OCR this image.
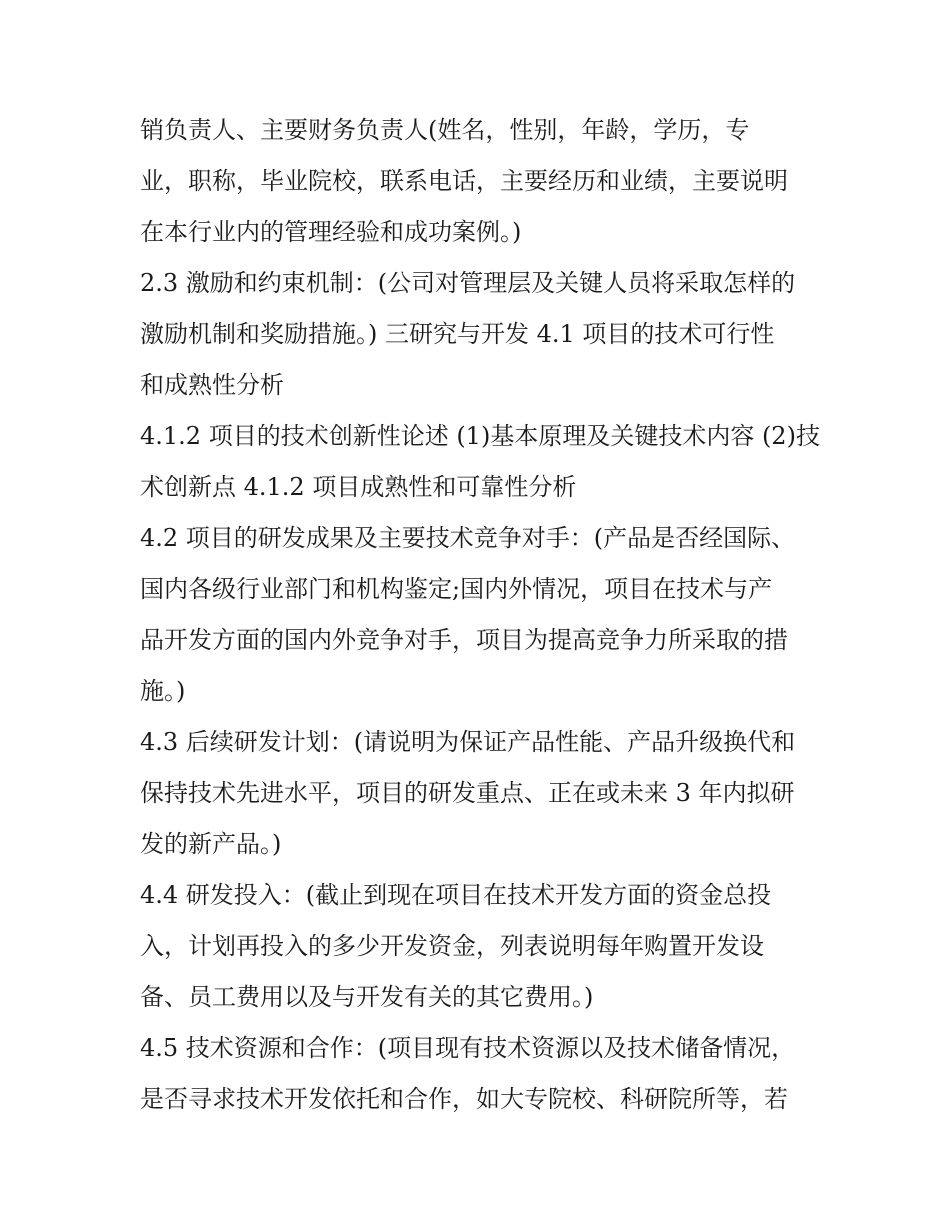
销负责人、主要财务负责人(姓名，性别，年龄，学历，专
业，职称，毕业院校，联系电话，主要经历和业绩，主要说明
在本行业内的管理经验和成功案例。)
2.3 激励和约束机制：(公司对管理层及关键人员将采取怎样的
激励机制和奖励措施。) 三研究与开发 4.1 项目的技术可行性
和成熟性分析
4.1.2 项目的技术创新性论述 (1)基本原理及关键技术内容 (2)技
术创新点 4.1.2 项目成熟性和可靠性分析
4.2 项目的研发成果及主要技术竞争对手：(产品是否经国际、
国内各级行业部门和机构鉴定;国内外情况，项目在技术与产
品开发方面的国内外竞争对手，项目为提高竞争力所采取的措
施。)
4.3 后续研发计划：(请说明为保证产品性能、产品升级换代和
保持技术先进水平，项目的研发重点、正在或未来 3 年内拟研
发的新产品。)
4.4 研发投入：(截止到现在项目在技术开发方面的资金总投
入，计划再投入的多少开发资金，列表说明每年购置开发设
备、员工费用以及与开发有关的其它费用。)
4.5 技术资源和合作：(项目现有技术资源以及技术储备情况，
是否寻求技术开发依托和合作，如大专院校、科研院所等，若
